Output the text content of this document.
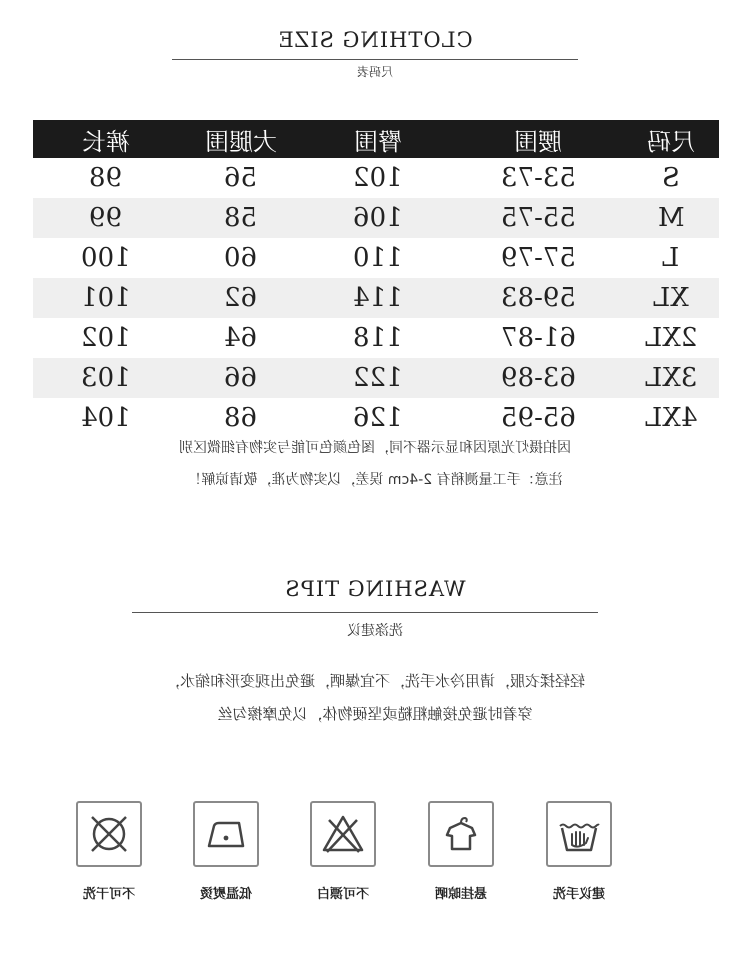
CLOTHING SIZE
尺码表
裤长	大腿围	臀围	腰围	尺码
98	56	102	53-73	S
99	58	106	55-75	M
100	60	110	57-79	L
101	62	114	59-83	XL
102	64	118	61-87	2XL
103	66	122	63-89	3XL
104	68	126	65-95	4XL
因拍摄灯光原因和显示器不同，图色颜色可能与实物有细微区别
注意：手工量测稍有 2-4cm 误差，以实物为准，敬请谅解！
WASHING TIPS
洗涤建议
轻轻揉衣服，请用冷水手洗，不宜爆晒，避免出现变形和缩水，
穿着时避免接触粗糙或坚硬物体，以免摩擦勾丝
不可干洗	低温熨烫	不可漂白	悬挂晾晒	建议手洗
